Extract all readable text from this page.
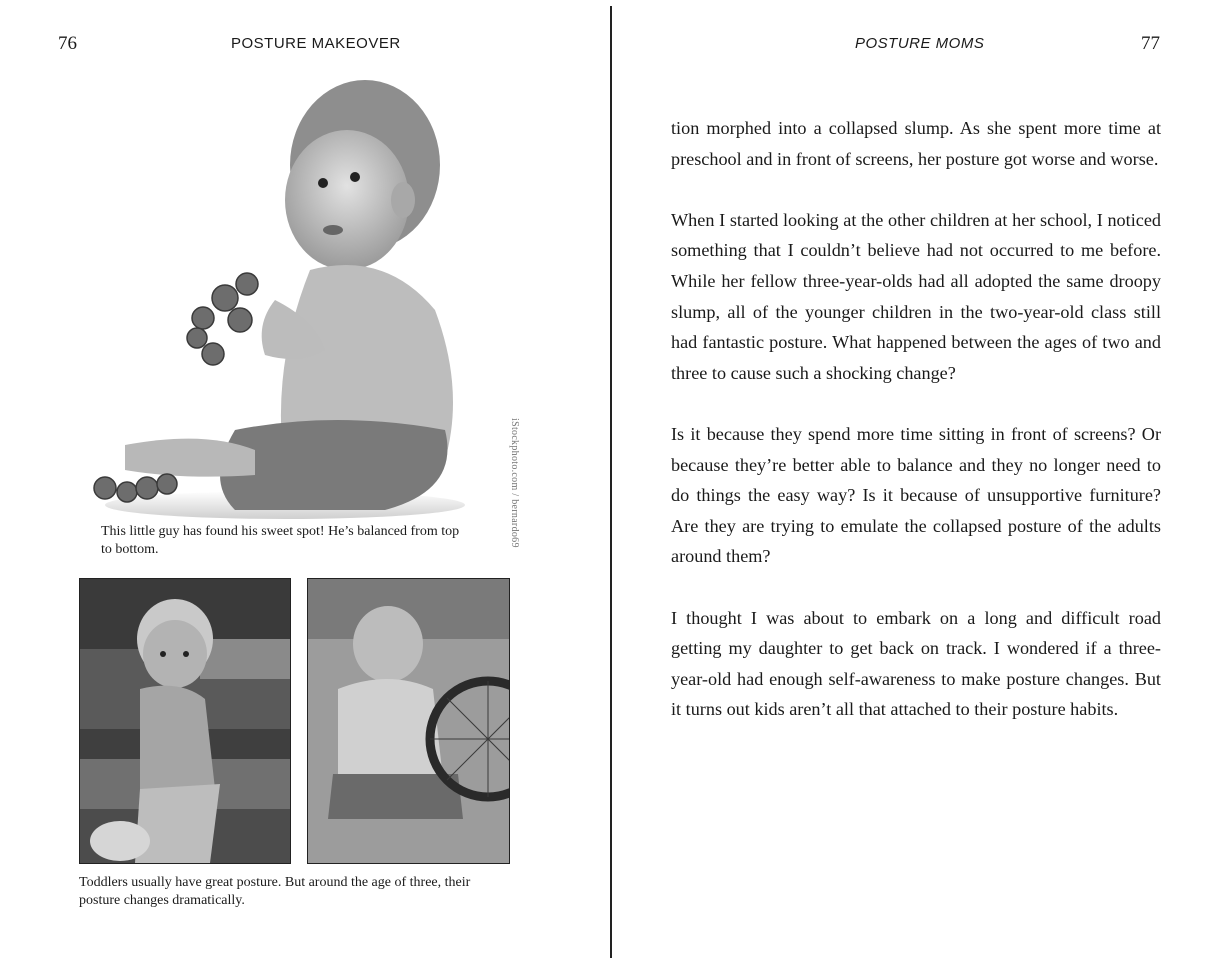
76	POSTURE MAKEOVER
This little guy has found his sweet spot! He’s balanced from top to bottom.
iStockphoto.com / bernardo69
Toddlers usually have great posture. But around the age of three, their posture changes dramatically.
POSTURE MOMS	77

tion morphed into a collapsed slump. As she spent more time at preschool and in front of screens, her posture got worse and worse.

When I started looking at the other children at her school, I noticed something that I couldn’t believe had not occurred to me before. While her fellow three-year-olds had all adopted the same droopy slump, all of the younger children in the two-year-old class still had fantastic posture. What happened between the ages of two and three to cause such a shocking change?

Is it because they spend more time sitting in front of screens? Or because they’re better able to balance and they no longer need to do things the easy way? Is it because of unsupportive furniture? Are they are trying to emulate the collapsed posture of the adults around them?

I thought I was about to embark on a long and difficult road getting my daughter to get back on track. I wondered if a three-year-old had enough self-awareness to make posture changes. But it turns out kids aren’t all that attached to their posture habits.
